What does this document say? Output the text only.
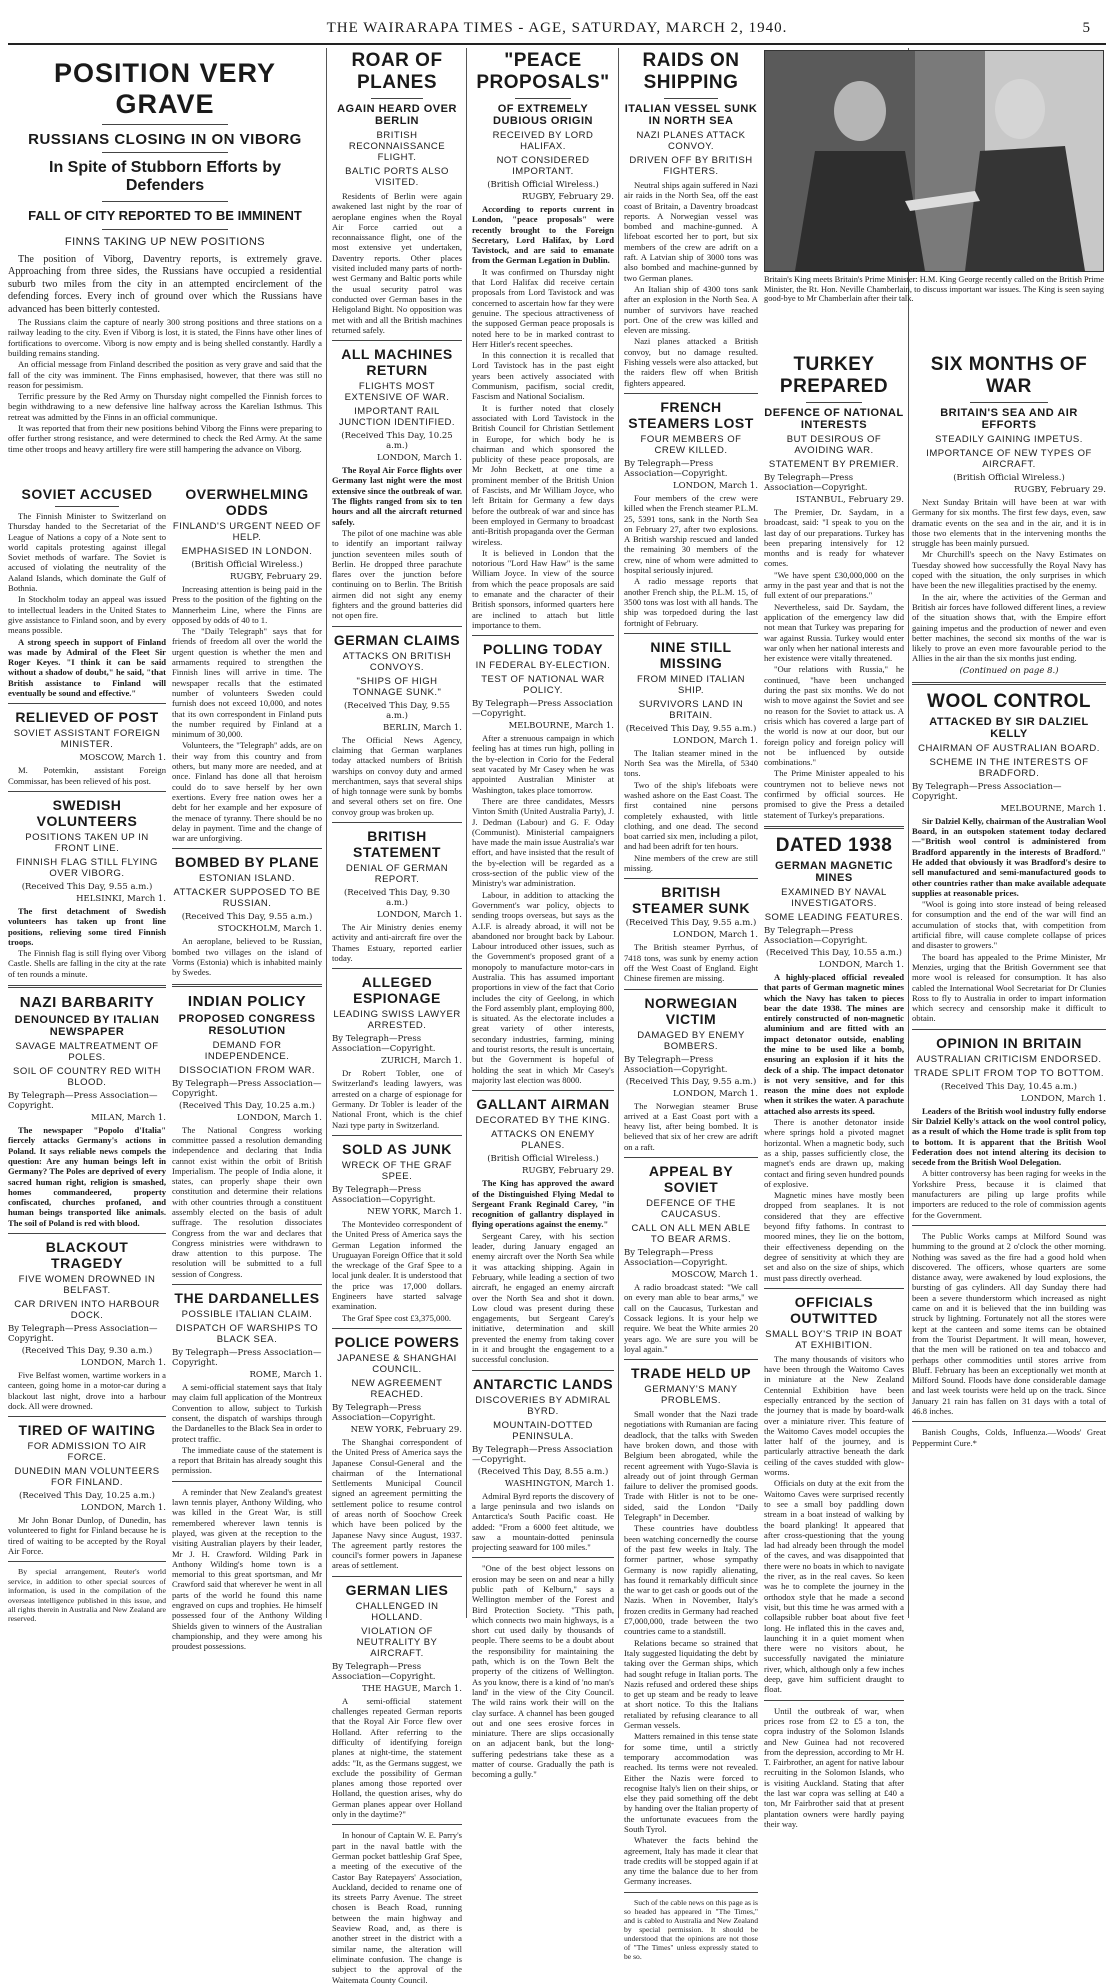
THE WAIRARAPA TIMES - AGE, SATURDAY, MARCH 2, 1940.	5
POSITION VERY GRAVE
RUSSIANS CLOSING IN ON VIBORG
In Spite of Stubborn Efforts by Defenders
FALL OF CITY REPORTED TO BE IMMINENT
FINNS TAKING UP NEW POSITIONS

The position of Viborg, Daventry reports, is extremely grave. Approaching from three sides, the Russians have occupied a residential suburb two miles from the city in an attempted encirclement of the defending forces. Every inch of ground over which the Russians have advanced has been bitterly contested.

The Russians claim the capture of nearly 300 strong positions and three stations on a railway leading to the city. Even if Viborg is lost, it is stated, the Finns have other lines of fortifications to overcome. Viborg is now empty and is being shelled constantly. Hardly a building remains standing.

An official message from Finland described the position as very grave and said that the fall of the city was imminent. The Finns emphasised, however, that there was still no reason for pessimism.

Terrific pressure by the Red Army on Thursday night compelled the Finnish forces to begin withdrawing to a new defensive line halfway across the Karelian Isthmus. This retreat was admitted by the Finns in an official communique.

It was reported that from their new positions behind Viborg the Finns were preparing to offer further strong resistance, and were determined to check the Red Army. At the same time other troops and heavy artillery fire were still hampering the advance on Viborg.

SOVIET ACCUSED

The Finnish Minister to Switzerland on Thursday handed to the Secretariat of the League of Nations a copy of a Note sent to world capitals protesting against illegal Soviet methods of warfare. The Soviet is accused of violating the neutrality of the Aaland Islands, which dominate the Gulf of Bothnia.

In Stockholm today an appeal was issued to intellectual leaders in the United States to give assistance to Finland soon, and by every means possible.

A strong speech in support of Finland was made by Admiral of the Fleet Sir Roger Keyes. "I think it can be said without a shadow of doubt," he said, "that British assistance to Finland will eventually be sound and effective."

RELIEVED OF POST
SOVIET ASSISTANT FOREIGN MINISTER.
MOSCOW, March 1.

M. Potemkin, assistant Foreign Commissar, has been relieved of his post.

SWEDISH VOLUNTEERS
POSITIONS TAKEN UP IN FRONT LINE.
FINNISH FLAG STILL FLYING OVER VIBORG.
(Received This Day, 9.55 a.m.)
HELSINKI, March 1.

The first detachment of Swedish volunteers has taken up front line positions, relieving some tired Finnish troops.

The Finnish flag is still flying over Viborg Castle. Shells are falling in the city at the rate of ten rounds a minute.

NAZI BARBARITY
DENOUNCED BY ITALIAN NEWSPAPER
SAVAGE MALTREATMENT OF POLES.
SOIL OF COUNTRY RED WITH BLOOD.
By Telegraph—Press Association—Copyright.
MILAN, March 1.

The newspaper "Popolo d'Italia" fiercely attacks Germany's actions in Poland. It says reliable news compels the question: Are any human beings left in Germany? The Poles are deprived of every sacred human right, religion is smashed, homes commandeered, property confiscated, churches profaned, and human beings transported like animals. The soil of Poland is red with blood.

BLACKOUT TRAGEDY
FIVE WOMEN DROWNED IN BELFAST.
CAR DRIVEN INTO HARBOUR DOCK.
By Telegraph—Press Association—Copyright.
(Received This Day, 9.30 a.m.)
LONDON, March 1.

Five Belfast women, wartime workers in a canteen, going home in a motor-car during a blackout last night, drove into a harbour dock. All were drowned.

TIRED OF WAITING
FOR ADMISSION TO AIR FORCE.
DUNEDIN MAN VOLUNTEERS FOR FINLAND.
(Received This Day, 10.25 a.m.)
LONDON, March 1.

Mr John Bonar Dunlop, of Dunedin, has volunteered to fight for Finland because he is tired of waiting to be accepted by the Royal Air Force.

By special arrangement, Reuter's world service, in addition to other special sources of information, is used in the compilation of the overseas intelligence published in this issue, and all rights therein in Australia and New Zealand are reserved.

OVERWHELMING ODDS
FINLAND'S URGENT NEED OF HELP.
EMPHASISED IN LONDON.
(British Official Wireless.)
RUGBY, February 29.

Increasing attention is being paid in the Press to the position of the fighting on the Mannerheim Line, where the Finns are opposed by odds of 40 to 1.

The "Daily Telegraph" says that for friends of freedom all over the world the urgent question is whether the men and armaments required to strengthen the Finnish lines will arrive in time. The newspaper recalls that the estimated number of volunteers Sweden could furnish does not exceed 10,000, and notes that its own correspondent in Finland puts the number required by Finland at a minimum of 30,000.

Volunteers, the "Telegraph" adds, are on their way from this country and from others, but many more are needed, and at once. Finland has done all that heroism could do to save herself by her own exertions. Every free nation owes her a debt for her example and her exposure of the menace of tyranny. There should be no delay in payment. Time and the change of war are unforgiving.

BOMBED BY PLANE
ESTONIAN ISLAND.
ATTACKER SUPPOSED TO BE RUSSIAN.
(Received This Day, 9.55 a.m.)
STOCKHOLM, March 1.

An aeroplane, believed to be Russian, bombed two villages on the island of Vorms (Estonia) which is inhabited mainly by Swedes.

INDIAN POLICY
PROPOSED CONGRESS RESOLUTION
DEMAND FOR INDEPENDENCE.
DISSOCIATION FROM WAR.
By Telegraph—Press Association—Copyright.
(Received This Day, 10.25 a.m.)
LONDON, March 1.

The National Congress working committee passed a resolution demanding independence and declaring that India cannot exist within the orbit of British Imperialism. The people of India alone, it states, can properly shape their own constitution and determine their relations with other countries through a constituent assembly elected on the basis of adult suffrage. The resolution dissociates Congress from the war and declares that Congress ministries were withdrawn to draw attention to this purpose. The resolution will be submitted to a full session of Congress.

THE DARDANELLES
POSSIBLE ITALIAN CLAIM.
DISPATCH OF WARSHIPS TO BLACK SEA.
By Telegraph—Press Association—Copyright.
ROME, March 1.

A semi-official statement says that Italy may claim full application of the Montreux Convention to allow, subject to Turkish consent, the dispatch of warships through the Dardanelles to the Black Sea in order to protect traffic.

The immediate cause of the statement is a report that Britain has already sought this permission.

A reminder that New Zealand's greatest lawn tennis player, Anthony Wilding, who was killed in the Great War, is still remembered wherever lawn tennis is played, was given at the reception to the visiting Australian players by their leader, Mr J. H. Crawford. Wilding Park in Anthony Wilding's home town is a memorial to this great sportsman, and Mr Crawford said that wherever he went in all parts of the world he found this name engraved on cups and trophies. He himself possessed four of the Anthony Wilding Shields given to winners of the Australian championship, and they were among his proudest possessions.

ROAR OF PLANES
AGAIN HEARD OVER BERLIN
BRITISH RECONNAISSANCE FLIGHT.
BALTIC PORTS ALSO VISITED.

Residents of Berlin were again awakened last night by the roar of aeroplane engines when the Royal Air Force carried out a reconnaissance flight, one of the most extensive yet undertaken, Daventry reports. Other places visited included many parts of north-west Germany and Baltic ports while the usual security patrol was conducted over German bases in the Heligoland Bight. No opposition was met with and all the British machines returned safely.

ALL MACHINES RETURN
FLIGHTS MOST EXTENSIVE OF WAR.
IMPORTANT RAIL JUNCTION IDENTIFIED.
(Received This Day, 10.25 a.m.)
LONDON, March 1.

The Royal Air Force flights over Germany last night were the most extensive since the outbreak of war. The flights ranged from six to ten hours and all the aircraft returned safely.

The pilot of one machine was able to identify an important railway junction seventeen miles south of Berlin. He dropped three parachute flares over the junction before continuing on to Berlin. The British airmen did not sight any enemy fighters and the ground batteries did not open fire.

GERMAN CLAIMS
ATTACKS ON BRITISH CONVOYS.
"SHIPS OF HIGH TONNAGE SUNK."
(Received This Day, 9.55 a.m.)
BERLIN, March 1.

The Official News Agency, claiming that German warplanes today attacked numbers of British warships on convoy duty and armed merchantmen, says that several ships of high tonnage were sunk by bombs and several others set on fire. One convoy group was broken up.

BRITISH STATEMENT
DENIAL OF GERMAN REPORT.
(Received This Day, 9.30 a.m.)
LONDON, March 1.

The Air Ministry denies enemy activity and anti-aircraft fire over the Thames Estuary, reported earlier today.

ALLEGED ESPIONAGE
LEADING SWISS LAWYER ARRESTED.
By Telegraph—Press Association—Copyright.
ZURICH, March 1.

Dr Robert Tobler, one of Switzerland's leading lawyers, was arrested on a charge of espionage for Germany. Dr Tobler is leader of the National Front, which is the chief Nazi type party in Switzerland.

SOLD AS JUNK
WRECK OF THE GRAF SPEE.
By Telegraph—Press Association—Copyright.
NEW YORK, March 1.

The Montevideo correspondent of the United Press of America says the German Legation informed the Uruguayan Foreign Office that it sold the wreckage of the Graf Spee to a local junk dealer. It is understood that the price was 17,000 dollars. Engineers have started salvage examination.

The Graf Spee cost £3,375,000.

POLICE POWERS
JAPANESE & SHANGHAI COUNCIL.
NEW AGREEMENT REACHED.
By Telegraph—Press Association—Copyright.
NEW YORK, February 29.

The Shanghai correspondent of the United Press of America says the Japanese Consul-General and the chairman of the International Settlements Municipal Council signed an agreement permitting the settlement police to resume control of areas north of Soochow Creek which have been policed by the Japanese Navy since August, 1937. The agreement partly restores the council's former powers in Japanese areas of settlement.

GERMAN LIES
CHALLENGED IN HOLLAND.
VIOLATION OF NEUTRALITY BY AIRCRAFT.
By Telegraph—Press Association—Copyright.
THE HAGUE, March 1.

A semi-official statement challenges repeated German reports that the Royal Air Force flew over Holland. After referring to the difficulty of identifying foreign planes at night-time, the statement adds: "It, as the Germans suggest, we exclude the possibility of German planes among those reported over Holland, the question arises, why do German planes appear over Holland only in the daytime?"

In honour of Captain W. E. Parry's part in the naval battle with the German pocket battleship Graf Spee, a meeting of the executive of the Castor Bay Ratepayers' Association, Auckland, decided to rename one of its streets Parry Avenue. The street chosen is Beach Road, running between the main highway and Seaview Road, and, as there is another street in the district with a similar name, the alteration will eliminate confusion. The change is subject to the approval of the Waitemata County Council.

"PEACE PROPOSALS"
OF EXTREMELY DUBIOUS ORIGIN
RECEIVED BY LORD HALIFAX.
NOT CONSIDERED IMPORTANT.
(British Official Wireless.)
RUGBY, February 29.

According to reports current in London, "peace proposals" were recently brought to the Foreign Secretary, Lord Halifax, by Lord Tavistock, and are said to emanate from the German Legation in Dublin.

It was confirmed on Thursday night that Lord Halifax did receive certain proposals from Lord Tavistock and was concerned to ascertain how far they were genuine. The specious attractiveness of the supposed German peace proposals is noted here to be in marked contrast to Herr Hitler's recent speeches.

In this connection it is recalled that Lord Tavistock has in the past eight years been actively associated with Communism, pacifism, social credit, Fascism and National Socialism.

It is further noted that closely associated with Lord Tavistock in the British Council for Christian Settlement in Europe, for which body he is chairman and which sponsored the publicity of these peace proposals, are Mr John Beckett, at one time a prominent member of the British Union of Fascists, and Mr William Joyce, who left Britain for Germany a few days before the outbreak of war and since has been employed in Germany to broadcast anti-British propaganda over the German wireless.

It is believed in London that the notorious "Lord Haw Haw" is the same William Joyce. In view of the source from which the peace proposals are said to emanate and the character of their British sponsors, informed quarters here are inclined to attach but little importance to them.

POLLING TODAY
IN FEDERAL BY-ELECTION.
TEST OF NATIONAL WAR POLICY.
By Telegraph—Press Association—Copyright.
MELBOURNE, March 1.

After a strenuous campaign in which feeling has at times run high, polling in the by-election in Corio for the Federal seat vacated by Mr Casey when he was appointed Australian Minister at Washington, takes place tomorrow.

There are three candidates, Messrs Vinton Smith (United Australia Party), J. J. Dedman (Labour) and G. F. Oday (Communist). Ministerial campaigners have made the main issue Australia's war effort, and have insisted that the result of the by-election will be regarded as a cross-section of the public view of the Ministry's war administration.

Labour, in addition to attacking the Government's war policy, objects to sending troops overseas, but says as the A.I.F. is already abroad, it will not be abandoned nor brought back by Labour. Labour introduced other issues, such as the Government's proposed grant of a monopoly to manufacture motor-cars in Australia. This has assumed important proportions in view of the fact that Corio includes the city of Geelong, in which the Ford assembly plant, employing 800, is situated. As the electorate includes a great variety of other interests, secondary industries, farming, mining and tourist resorts, the result is uncertain, but the Government is hopeful of holding the seat in which Mr Casey's majority last election was 8000.

GALLANT AIRMAN
DECORATED BY THE KING.
ATTACKS ON ENEMY PLANES.
(British Official Wireless.)
RUGBY, February 29.

The King has approved the award of the Distinguished Flying Medal to Sergeant Frank Reginald Carey, "in recognition of gallantry displayed in flying operations against the enemy."

Sergeant Carey, with his section leader, during January engaged an enemy aircraft over the North Sea while it was attacking shipping. Again in February, while leading a section of two aircraft, he engaged an enemy aircraft over the North Sea and shot it down. Low cloud was present during these engagements, but Sergeant Carey's initiative, determination and skill prevented the enemy from taking cover in it and brought the engagement to a successful conclusion.

ANTARCTIC LANDS
DISCOVERIES BY ADMIRAL BYRD.
MOUNTAIN-DOTTED PENINSULA.
By Telegraph—Press Association—Copyright.
(Received This Day, 8.55 a.m.)
WASHINGTON, March 1.

Admiral Byrd reports the discovery of a large peninsula and two islands on Antarctica's South Pacific coast. He added: "From a 6000 feet altitude, we saw a mountain-dotted peninsula projecting seaward for 100 miles."

"One of the best object lessons on erosion may be seen on and near a hilly public path of Kelburn," says a Wellington member of the Forest and Bird Protection Society. "This path, which connects two main highways, is a short cut used daily by thousands of people. There seems to be a doubt about the responsibility for maintaining the path, which is on the Town Belt the property of the citizens of Wellington. As you know, there is a kind of 'no man's land' in the view of the City Council. The wild rains work their will on the clay surface. A channel has been gouged out and one sees erosive forces in miniature. There are slips occasionally on an adjacent bank, but the long-suffering pedestrians take these as a matter of course. Gradually the path is becoming a gully."

RAIDS ON SHIPPING
ITALIAN VESSEL SUNK IN NORTH SEA
NAZI PLANES ATTACK CONVOY.
DRIVEN OFF BY BRITISH FIGHTERS.

Neutral ships again suffered in Nazi air raids in the North Sea, off the east coast of Britain, a Daventry broadcast reports. A Norwegian vessel was bombed and machine-gunned. A lifeboat escorted her to port, but six members of the crew are adrift on a raft. A Latvian ship of 3000 tons was also bombed and machine-gunned by two German planes.

An Italian ship of 4300 tons sank after an explosion in the North Sea. A number of survivors have reached port. One of the crew was killed and eleven are missing.

Nazi planes attacked a British convoy, but no damage resulted. Fishing vessels were also attacked, but the raiders flew off when British fighters appeared.

FRENCH STEAMERS LOST
FOUR MEMBERS OF CREW KILLED.
By Telegraph—Press Association—Copyright.
LONDON, March 1.

Four members of the crew were killed when the French steamer P.L.M. 25, 5391 tons, sank in the North Sea on February 27, after two explosions. A British warship rescued and landed the remaining 30 members of the crew, nine of whom were admitted to hospital seriously injured.

A radio message reports that another French ship, the P.L.M. 15, of 3500 tons was lost with all hands. The ship was torpedoed during the last fortnight of February.

NINE STILL MISSING
FROM MINED ITALIAN SHIP.
SURVIVORS LAND IN BRITAIN.
(Received This Day, 9.55 a.m.)
LONDON, March 1.

The Italian steamer mined in the North Sea was the Mirella, of 5340 tons.

Two of the ship's lifeboats were washed ashore on the East Coast. The first contained nine persons completely exhausted, with little clothing, and one dead. The second boat carried six men, including a pilot, and had been adrift for ten hours.

Nine members of the crew are still missing.

BRITISH STEAMER SUNK
(Received This Day, 9.55 a.m.)
LONDON, March 1.

The British steamer Pyrrhus, of 7418 tons, was sunk by enemy action off the West Coast of England. Eight Chinese firemen are missing.

NORWEGIAN VICTIM
DAMAGED BY ENEMY BOMBERS.
By Telegraph—Press Association—Copyright.
(Received This Day, 9.55 a.m.)
LONDON, March 1.

The Norwegian steamer Bruse arrived at a East Coast port with a heavy list, after being bombed. It is believed that six of her crew are adrift on a raft.

APPEAL BY SOVIET
DEFENCE OF THE CAUCASUS.
CALL ON ALL MEN ABLE TO BEAR ARMS.
By Telegraph—Press Association—Copyright.
MOSCOW, March 1.

A radio broadcast stated: "We call on every man able to bear arms," we call on the Caucasus, Turkestan and Cossack legions. It is your help we require. We beat the White armies 20 years ago. We are sure you will be loyal again."

TRADE HELD UP
GERMANY'S MANY PROBLEMS.

Small wonder that the Nazi trade negotiations with Rumanian are facing deadlock, that the talks with Sweden have broken down, and those with Belgium been abrogated, while the recent agreement with Yugo-Slavia is already out of joint through German failure to deliver the promised goods. Trade with Hitler is not to be one-sided, said the London "Daily Telegraph" in December.

These countries have doubtless been watching concernedly the course of the past few weeks in Italy. The former partner, whose sympathy Germany is now rapidly alienating, has found it remarkably difficult since the war to get cash or goods out of the Nazis. When in November, Italy's frozen credits in Germany had reached £7,000,000, trade between the two countries came to a standstill.

Relations became so strained that Italy suggested liquidating the debt by taking over the German ships, which had sought refuge in Italian ports. The Nazis refused and ordered these ships to get up steam and be ready to leave at short notice. To this the Italians retaliated by refusing clearance to all German vessels.

Matters remained in this tense state for some time, until a strictly temporary accommodation was reached. Its terms were not revealed. Either the Nazis were forced to recognise Italy's lien on their ships, or else they paid something off the debt by handing over the Italian property of the unfortunate evacuees from the South Tyrol.

Whatever the facts behind the agreement, Italy has made it clear that trade credits will be stopped again if at any time the balance due to her from Germany increases.

Such of the cable news on this page as is so headed has appeared in "The Times," and is cabled to Australia and New Zealand by special permission. It should be understood that the opinions are not those of "The Times" unless expressly stated to be so.

Britain's King meets Britain's Prime Minister: H.M. King George recently called on the British Prime Minister, the Rt. Hon. Neville Chamberlain, to discuss important war issues. The King is seen saying good-bye to Mr Chamberlain after their talk.
TURKEY PREPARED
DEFENCE OF NATIONAL INTERESTS
BUT DESIROUS OF AVOIDING WAR.
STATEMENT BY PREMIER.
By Telegraph—Press Association—Copyright.
ISTANBUL, February 29.

The Premier, Dr. Saydam, in a broadcast, said: "I speak to you on the last day of our preparations. Turkey has been preparing intensively for 12 months and is ready for whatever comes.

"We have spent £30,000,000 on the army in the past year and that is not the full extent of our preparations."

Nevertheless, said Dr. Saydam, the application of the emergency law did not mean that Turkey was preparing for war against Russia. Turkey would enter war only when her national interests and her existence were vitally threatened.

"Our relations with Russia," he continued, "have been unchanged during the past six months. We do not wish to move against the Soviet and see no reason for the Soviet to attack us. A crisis which has covered a large part of the world is now at our door, but our foreign policy and foreign policy will not be influenced by outside combinations."

The Prime Minister appealed to his countrymen not to believe news not confirmed by official sources. He promised to give the Press a detailed statement of Turkey's preparations.

DATED 1938
GERMAN MAGNETIC MINES
EXAMINED BY NAVAL INVESTIGATORS.
SOME LEADING FEATURES.
By Telegraph—Press Association—Copyright.
(Received This Day, 10.55 a.m.)
LONDON, March 1.

A highly-placed official revealed that parts of German magnetic mines which the Navy has taken to pieces bear the date 1938. The mines are entirely constructed of non-magnetic aluminium and are fitted with an impact detonator outside, enabling the mine to be used like a bomb, ensuring an explosion if it hits the deck of a ship. The impact detonator is not very sensitive, and for this reason the mine does not explode when it strikes the water. A parachute attached also arrests its speed.

There is another detonator inside where springs hold a pivoted magnet horizontal. When a magnetic body, such as a ship, passes sufficiently close, the magnet's ends are drawn up, making contact and firing seven hundred pounds of explosive.

Magnetic mines have mostly been dropped from seaplanes. It is not considered that they are effective beyond fifty fathoms. In contrast to moored mines, they lie on the bottom, their effectiveness depending on the degree of sensitivity at which they are set and also on the size of ships, which must pass directly overhead.

OFFICIALS OUTWITTED
SMALL BOY'S TRIP IN BOAT AT EXHIBITION.

The many thousands of visitors who have been through the Waitomo Caves in miniature at the New Zealand Centennial Exhibition have been especially entranced by the section of the journey that is made by board-walk over a miniature river. This feature of the Waitomo Caves model occupies the latter half of the journey, and is particularly attractive beneath the dark ceiling of the caves studded with glow-worms.

Officials on duty at the exit from the Waitomo Caves were surprised recently to see a small boy paddling down stream in a boat instead of walking by the board planking! It appeared that after cross-questioning that the young lad had already been through the model of the caves, and was disappointed that there were no boats in which to navigate the river, as in the real caves. So keen was he to complete the journey in the orthodox style that he made a second visit, but this time he was armed with a collapsible rubber boat about five feet long. He inflated this in the caves and, launching it in a quiet moment when there were no visitors about, he successfully navigated the miniature river, which, although only a few inches deep, gave him sufficient draught to float.

Until the outbreak of war, when prices rose from £2 to £5 a ton, the copra industry of the Solomon Islands and New Guinea had not recovered from the depression, according to Mr H. T. Fairbrother, an agent for native labour recruiting in the Solomon Islands, who is visiting Auckland. Stating that after the last war copra was selling at £40 a ton, Mr Fairbrother said that at present plantation owners were hardly paying their way.

SIX MONTHS OF WAR
BRITAIN'S SEA AND AIR EFFORTS
STEADILY GAINING IMPETUS.
IMPORTANCE OF NEW TYPES OF AIRCRAFT.
(British Official Wireless.)
RUGBY, February 29.

Next Sunday Britain will have been at war with Germany for six months. The first few days, even, saw dramatic events on the sea and in the air, and it is in those two elements that in the intervening months the struggle has been mainly pursued.

Mr Churchill's speech on the Navy Estimates on Tuesday showed how successfully the Royal Navy has coped with the situation, the only surprises in which have been the new illegalities practised by the enemy.

In the air, where the activities of the German and British air forces have followed different lines, a review of the situation shows that, with the Empire effort gaining impetus and the production of newer and even better machines, the second six months of the war is likely to prove an even more favourable period to the Allies in the air than the six months just ending.

(Continued on page 8.)
WOOL CONTROL
ATTACKED BY SIR DALZIEL KELLY
CHAIRMAN OF AUSTRALIAN BOARD.
SCHEME IN THE INTERESTS OF BRADFORD.
By Telegraph—Press Association—Copyright.
MELBOURNE, March 1.

Sir Dalziel Kelly, chairman of the Australian Wool Board, in an outspoken statement today declared—"British wool control is administered from Bradford apparently in the interests of Bradford." He added that obviously it was Bradford's desire to sell manufactured and semi-manufactured goods to other countries rather than make available adequate supplies at reasonable prices.

"Wool is going into store instead of being released for consumption and the end of the war will find an accumulation of stocks that, with competition from artificial fibre, will cause complete collapse of prices and disaster to growers."

The board has appealed to the Prime Minister, Mr Menzies, urging that the British Government see that more wool is released for consumption. It has also cabled the International Wool Secretariat for Dr Clunies Ross to fly to Australia in order to impart information which secrecy and censorship make it difficult to obtain.

OPINION IN BRITAIN
AUSTRALIAN CRITICISM ENDORSED.
TRADE SPLIT FROM TOP TO BOTTOM.
(Received This Day, 10.45 a.m.)
LONDON, March 1.

Leaders of the British wool industry fully endorse Sir Dalziel Kelly's attack on the wool control policy, as a result of which the Home trade is split from top to bottom. It is apparent that the British Wool Federation does not intend altering its decision to secede from the British Wool Delegation.

A bitter controversy has been raging for weeks in the Yorkshire Press, because it is claimed that manufacturers are piling up large profits while importers are reduced to the role of commission agents for the Government.

The Public Works camps at Milford Sound was humming to the ground at 2 o'clock the other morning. Nothing was saved as the fire had a good hold when discovered. The officers, whose quarters are some distance away, were awakened by loud explosions, the bursting of gas cylinders. All day Sunday there had been a severe thunderstorm which increased as night came on and it is believed that the inn building was struck by lightning. Fortunately not all the stores were kept at the canteen and some items can be obtained from the Tourist Department. It will mean, however, that the men will be rationed on tea and tobacco and perhaps other commodities until stores arrive from Bluff. February has been an exceptionally wet month at Milford Sound. Floods have done considerable damage and last week tourists were held up on the track. Since January 21 rain has fallen on 31 days with a total of 46.8 inches.

Banish Coughs, Colds, Influenza.—Woods' Great Peppermint Cure.*
